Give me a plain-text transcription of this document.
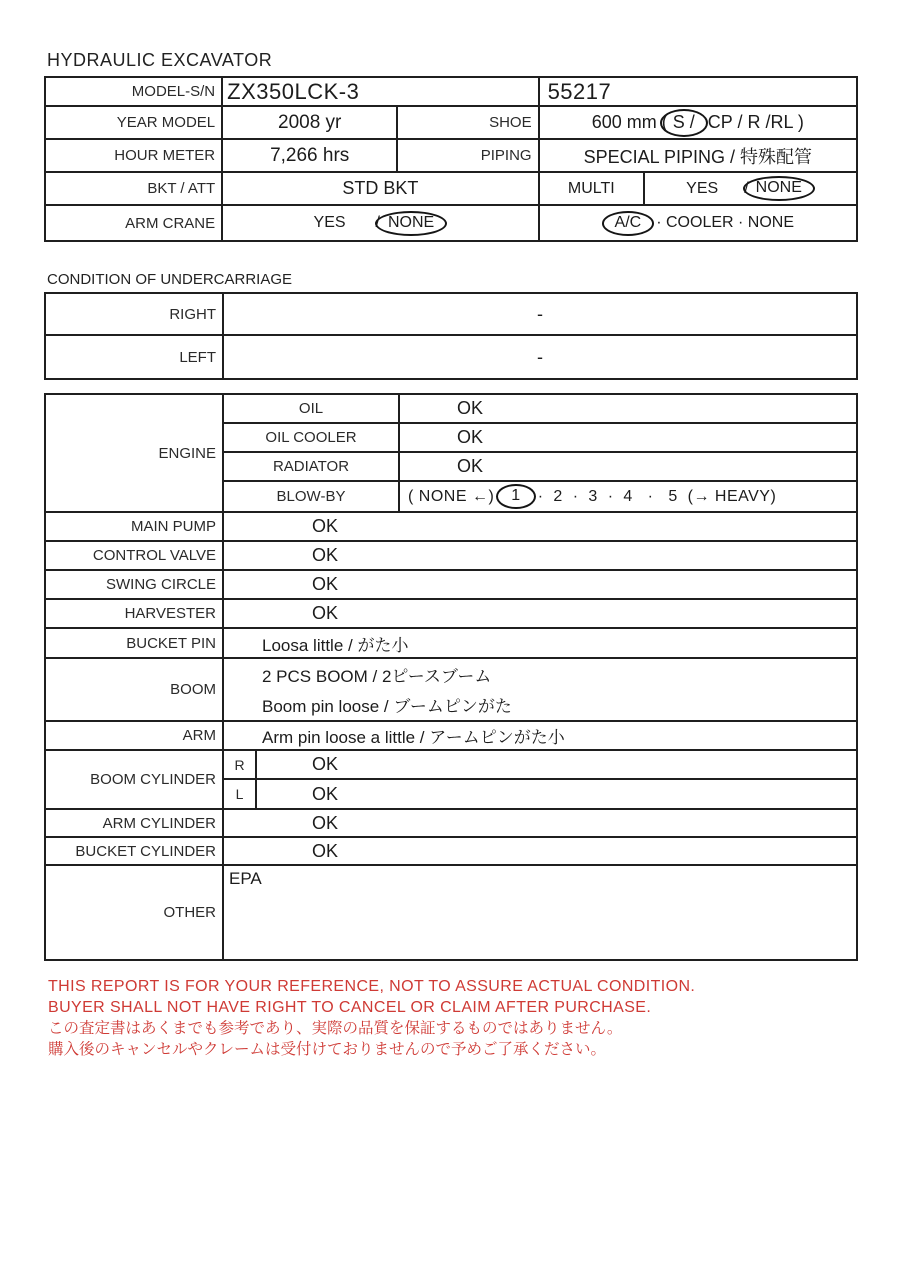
HYDRAULIC EXCAVATOR
MODEL-S/N ZX350LCK-3	55217
YEAR MODEL	2008 yr	SHOE	600 mm ( S / CP / R /RL )
HOUR METER	7,266 hrs	PIPING	SPECIAL PIPING / 特殊配管
BKT / ATT	STD BKT	MULTI	YES / NONE
ARM CRANE	YES / NONE	A/C · COOLER · NONE
CONDITION OF UNDERCARRIAGE
RIGHT	-
LEFT	-
ENGINE
OIL	OK
OIL COOLER	OK
RADIATOR	OK
BLOW-BY	( NONE ←)	1	·  2  ·  3  ·  4   ·   5  (→ HEAVY)
MAIN PUMP	OK
CONTROL VALVE	OK
SWING CIRCLE	OK
HARVESTER	OK
BUCKET PIN	Loosa little / がた小
BOOM
2 PCS BOOM / 2ピースブーム
Boom pin loose / ブームピンがた
ARM	Arm pin loose a little / アームピンがた小
BOOM CYLINDER
R	OK
L	OK
ARM CYLINDER	OK
BUCKET CYLINDER	OK
OTHER
EPA
THIS REPORT IS FOR YOUR REFERENCE, NOT TO ASSURE ACTUAL CONDITION.
BUYER SHALL NOT HAVE RIGHT TO CANCEL OR CLAIM AFTER PURCHASE.
この査定書はあくまでも参考であり、実際の品質を保証するものではありません。
購入後のキャンセルやクレームは受付けておりませんので予めご了承ください。
